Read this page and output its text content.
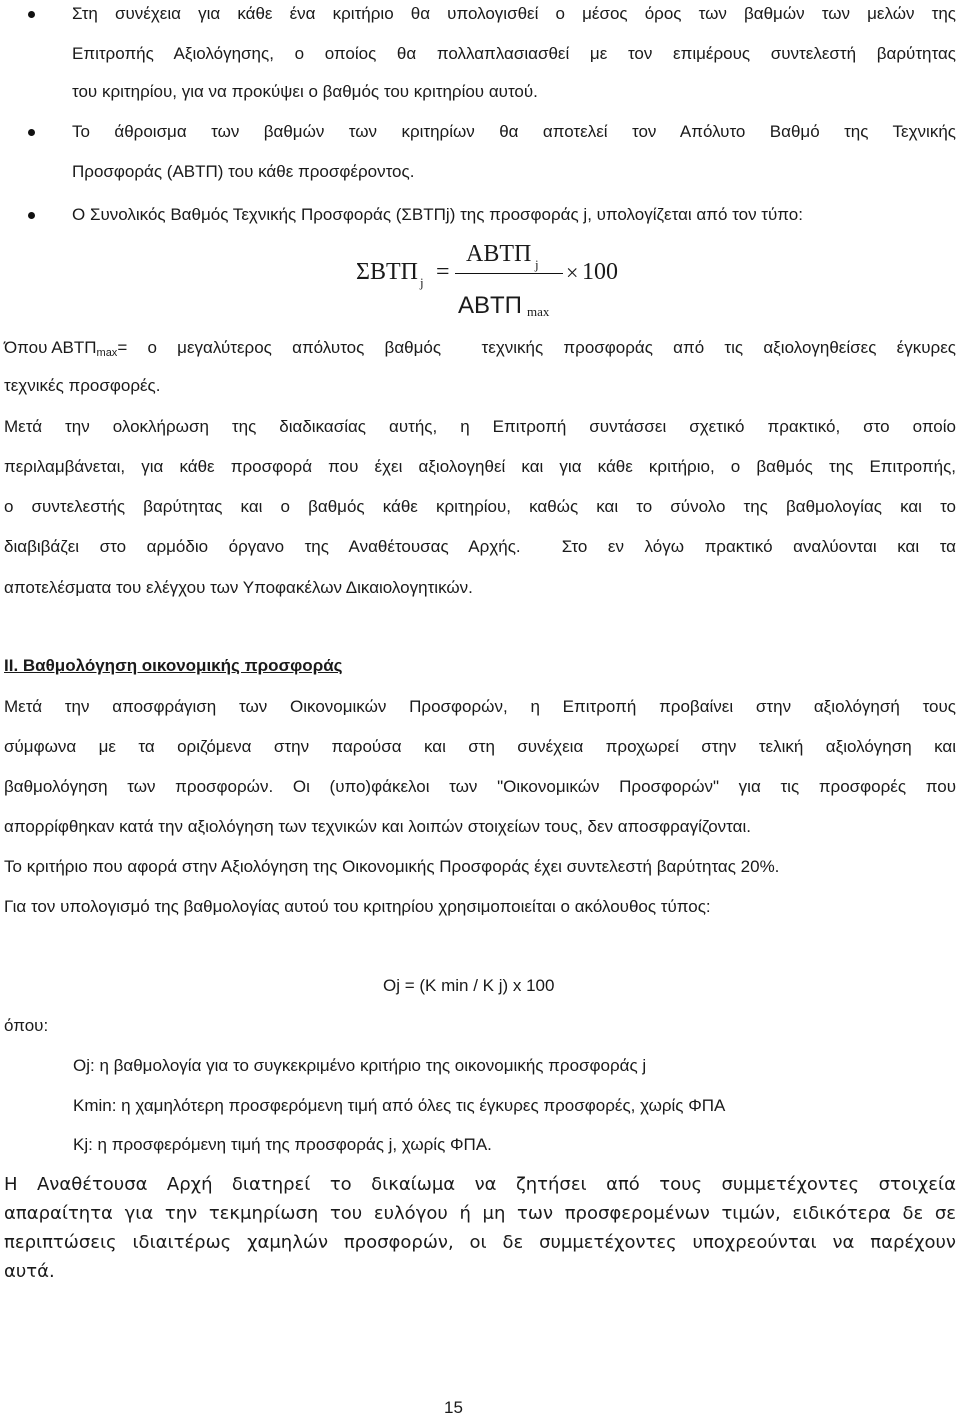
Στη συνέχεια για κάθε ένα κριτήριο θα υπολογισθεί ο μέσος όρος των βαθμών των μελών της
Επιτροπής Αξιολόγησης, ο οποίος θα πολλαπλασιασθεί με τον επιμέρους συντελεστή βαρύτητας
του κριτηρίου, για να προκύψει ο βαθμός του κριτηρίου αυτού.
Το άθροισμα των βαθμών των κριτηρίων θα αποτελεί τον Απόλυτο Βαθμό της Τεχνικής
Προσφοράς (ΑΒΤΠ) του κάθε προσφέροντος.
Ο Συνολικός Βαθμός Τεχνικής Προσφοράς (ΣΒΤΠj) της προσφοράς j, υπολογίζεται από τον τύπο:
ΣΒΤΠ j =
ΑΒΤΠ j
ΑΒΤΠ max
× 100
Όπου ΑΒΤΠ max = ο μεγαλύτερος απόλυτος βαθμός  τεχνικής προσφοράς από τις αξιολογηθείσες έγκυρες
τεχνικές προσφορές.
Μετά την ολοκλήρωση της διαδικασίας αυτής, η Επιτροπή συντάσσει σχετικό πρακτικό, στο οποίο
περιλαμβάνεται, για κάθε προσφορά που έχει αξιολογηθεί και για κάθε κριτήριο, ο βαθμός της Επιτροπής,
ο συντελεστής βαρύτητας και ο βαθμός κάθε κριτηρίου, καθώς και το σύνολο της βαθμολογίας και το
διαβιβάζει στο αρμόδιο όργανο της Αναθέτουσας Αρχής.  Στο εν λόγω πρακτικό αναλύονται και τα
αποτελέσματα του ελέγχου των Υποφακέλων Δικαιολογητικών.
ΙΙ. Βαθμολόγηση οικονομικής προσφοράς
Μετά την αποσφράγιση των Οικονομικών Προσφορών, η Επιτροπή προβαίνει στην αξιολόγησή τους
σύμφωνα με τα οριζόμενα στην παρούσα και στη συνέχεια προχωρεί στην τελική αξιολόγηση και
βαθμολόγηση των προσφορών. Οι (υπο)φάκελοι των "Οικονομικών Προσφορών" για τις προσφορές που
απορρίφθηκαν κατά την αξιολόγηση των τεχνικών και λοιπών στοιχείων τους, δεν αποσφραγίζονται.
Το κριτήριο που αφορά στην Αξιολόγηση της Οικονομικής Προσφοράς έχει συντελεστή βαρύτητας 20%.
Για τον υπολογισμό της βαθμολογίας αυτού του κριτηρίου χρησιμοποιείται ο ακόλουθος τύπος:
Oj = (K min / K j) x 100
όπου:
Oj: η βαθμολογία για το συγκεκριμένο κριτήριο της οικονομικής προσφοράς j
Kmin: η χαμηλότερη προσφερόμενη τιμή από όλες τις έγκυρες προσφορές, χωρίς ΦΠΑ
Kj: η προσφερόμενη τιμή της προσφοράς j, χωρίς ΦΠΑ.
Η Αναθέτουσα Αρχή διατηρεί το δικαίωμα να ζητήσει από τους συμμετέχοντες στοιχεία
απαραίτητα για την τεκμηρίωση του ευλόγου ή μη των προσφερομένων τιμών, ειδικότερα δε σε
περιπτώσεις ιδιαιτέρως χαμηλών προσφορών, οι δε συμμετέχοντες υποχρεούνται να παρέχουν
αυτά.
15
